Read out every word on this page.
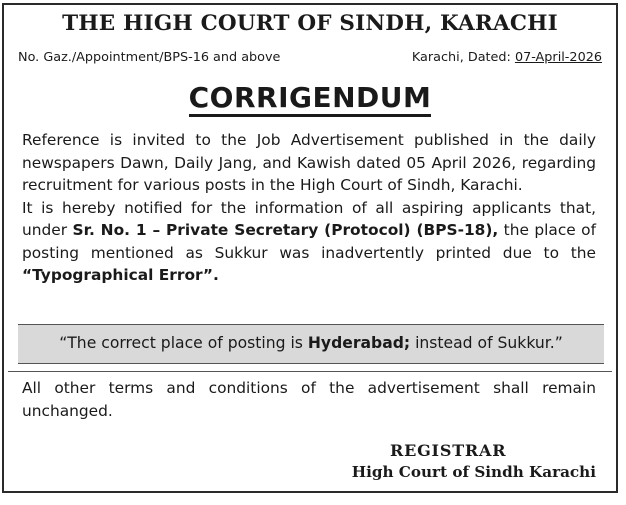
THE HIGH COURT OF SINDH, KARACHI
No. Gaz./Appointment/BPS-16 and above	Karachi, Dated: 07-April-2026
CORRIGENDUM

Reference is invited to the Job Advertisement published in the daily newspapers Dawn, Daily Jang, and Kawish dated 05 April 2026, regarding recruitment for various posts in the High Court of Sindh, Karachi.

It is hereby notified for the information of all aspiring applicants that, under Sr. No. 1 – Private Secretary (Protocol) (BPS-18), the place of posting mentioned as Sukkur was inadvertently printed due to the “Typographical Error”.

“The correct place of posting is Hyderabad; instead of Sukkur.”
All other terms and conditions of the advertisement shall remain unchanged.
REGISTRAR
High Court of Sindh Karachi
